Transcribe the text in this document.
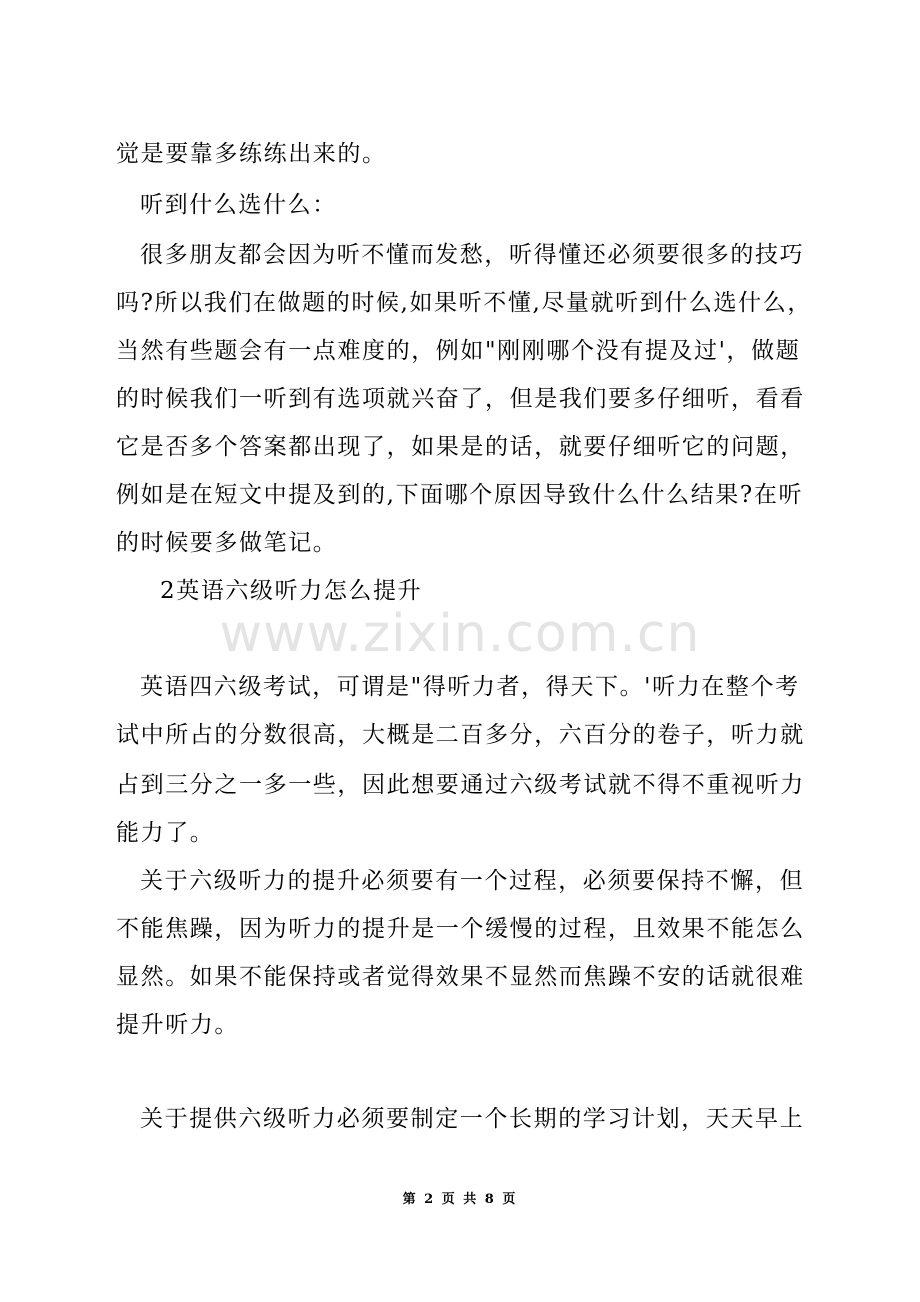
觉是要靠多练练出来的。
听到什么选什么：
很多朋友都会因为听不懂而发愁，听得懂还必须要很多的技巧
吗?所以我们在做题的时候,如果听不懂,尽量就听到什么选什么，
当然有些题会有一点难度的，例如"刚刚哪个没有提及过'，做题
的时候我们一听到有选项就兴奋了，但是我们要多仔细听，看看
它是否多个答案都出现了，如果是的话，就要仔细听它的问题，
例如是在短文中提及到的,下面哪个原因导致什么什么结果?在听
的时候要多做笔记。
2英语六级听力怎么提升
www.zixin.com.cn
英语四六级考试，可谓是"得听力者，得天下。'听力在整个考
试中所占的分数很高，大概是二百多分，六百分的卷子，听力就
占到三分之一多一些，因此想要通过六级考试就不得不重视听力
能力了。
关于六级听力的提升必须要有一个过程，必须要保持不懈，但
不能焦躁，因为听力的提升是一个缓慢的过程，且效果不能怎么
显然。如果不能保持或者觉得效果不显然而焦躁不安的话就很难
提升听力。
关于提供六级听力必须要制定一个长期的学习计划，天天早上
第 2 页 共 8 页
